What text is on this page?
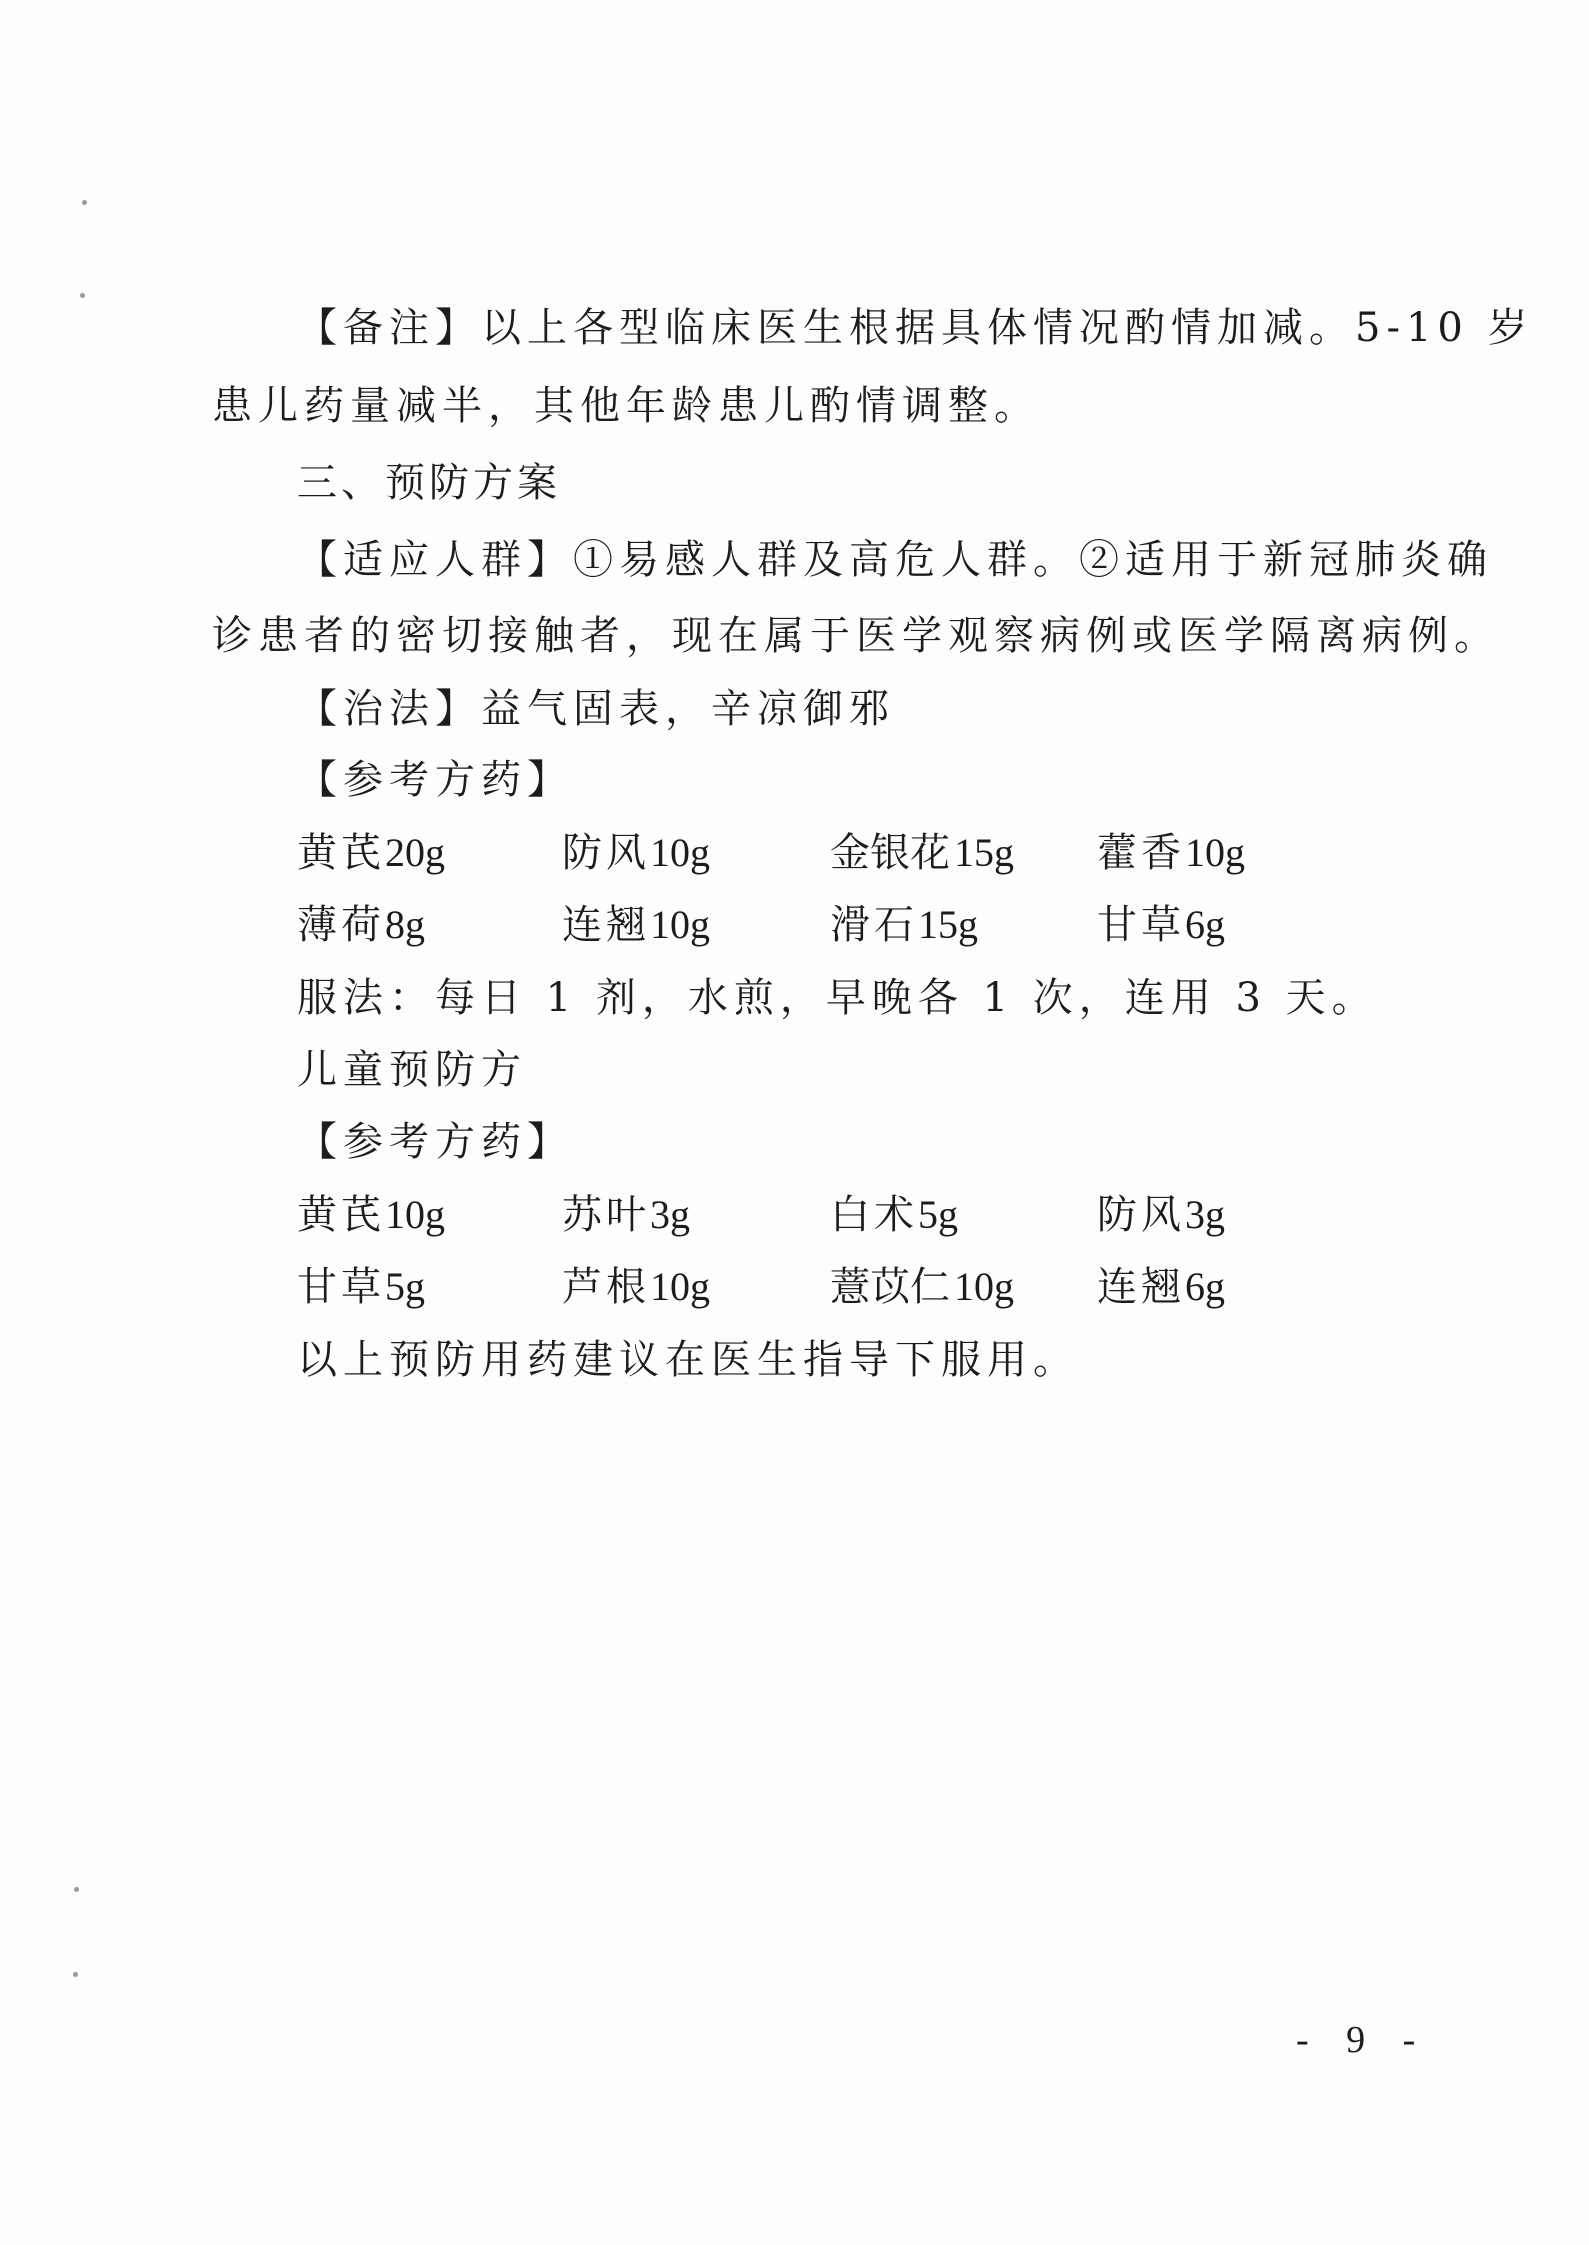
【备注】以上各型临床医生根据具体情况酌情加减。5-10 岁
患儿药量减半，其他年龄患儿酌情调整。
三、预防方案
【适应人群】①易感人群及高危人群。②适用于新冠肺炎确
诊患者的密切接触者，现在属于医学观察病例或医学隔离病例。
【治法】益气固表，辛凉御邪
【参考方药】
黄 芪 20g	防 风 10g	金银花 15g 藿 香 10g
薄 荷 8g	连 翘 10g	滑 石 15g	甘 草 6g
服法：每日 1 剂，水煎，早晚各 1 次，连用 3 天。
儿童预防方
【参考方药】
黄 芪 10g	苏 叶 3g	白 术 5g	防 风 3g
甘 草 5g	芦 根 10g	薏苡仁 10g 连 翘 6g
以上预防用药建议在医生指导下服用。
- 9 -
